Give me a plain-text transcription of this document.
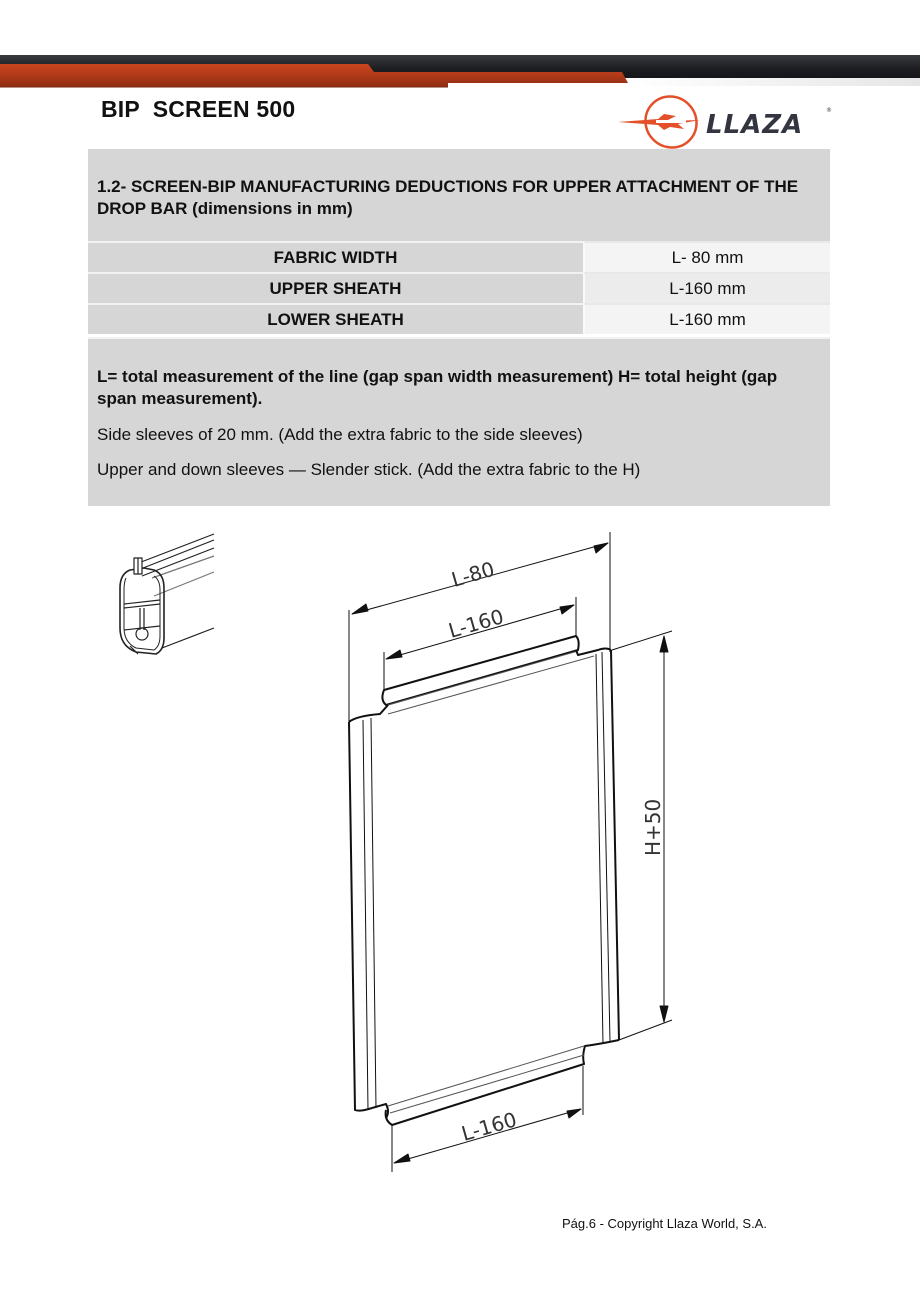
BIP  SCREEN 500
LLAZA	®
1.2- SCREEN-BIP MANUFACTURING DEDUCTIONS FOR UPPER ATTACHMENT OF THE DROP BAR (dimensions in mm)
FABRIC WIDTH	L- 80 mm
UPPER SHEATH	L-160 mm
LOWER SHEATH	L-160 mm
L= total measurement of the line (gap span width measurement) H= total height (gap span measurement).
Side sleeves of 20 mm. (Add the extra fabric to the side sleeves)
Upper and down sleeves — Slender stick. (Add the extra fabric to the H)
L-80
L-160
L-160
H+50
Pág.6 - Copyright Llaza World, S.A.
